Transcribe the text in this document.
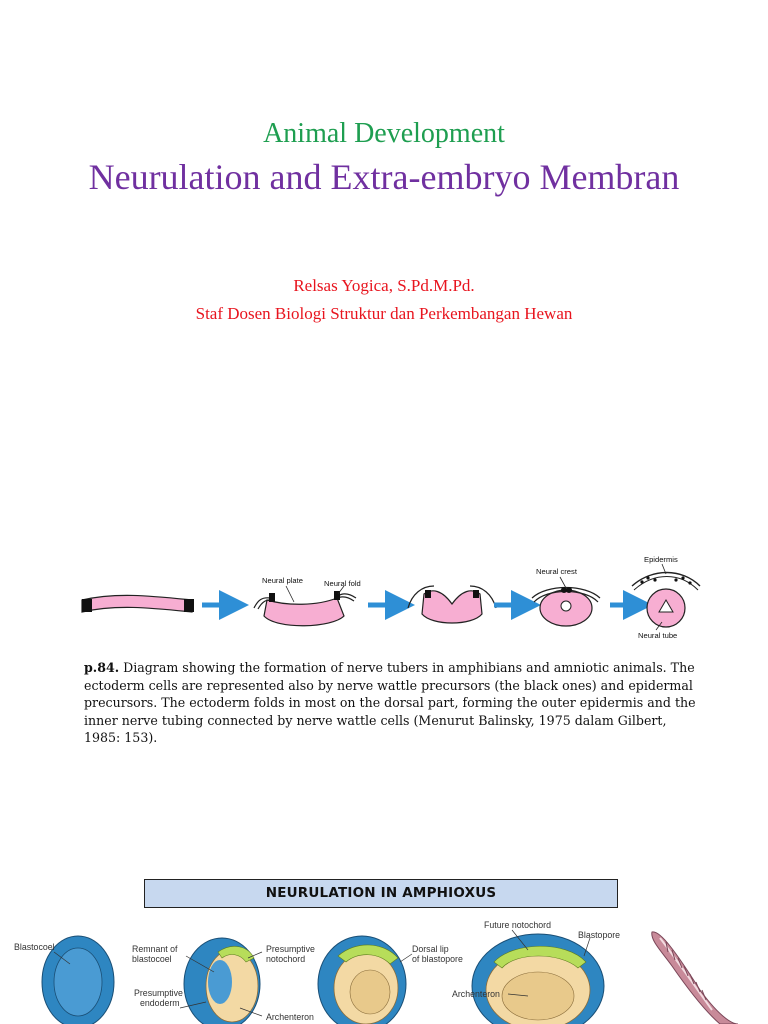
Animal Development
Neurulation and Extra-embryo Membran
Relsas Yogica, S.Pd.M.Pd.
Staf Dosen Biologi Struktur dan Perkembangan Hewan
Neural plate	Neural fold
Neural crest
Epidermis
Neural tube
p.84. Diagram showing the formation of nerve tubers in amphibians and amniotic animals. The ectoderm cells are represented also by nerve wattle precursors (the black ones) and epidermal precursors. The ectoderm folds in most on the dorsal part, forming the outer epidermis and the inner nerve tubing connected by nerve wattle cells (Menurut Balinsky, 1975 dalam Gilbert, 1985: 153).
NEURULATION IN AMPHIOXUS
Blastocoel	Remnant of
blastocoel
Presumptive
endoderm
Presumptive
notochord
Archenteron
Dorsal lip
of blastopore
Future notochord
Blastopore
Archenteron
